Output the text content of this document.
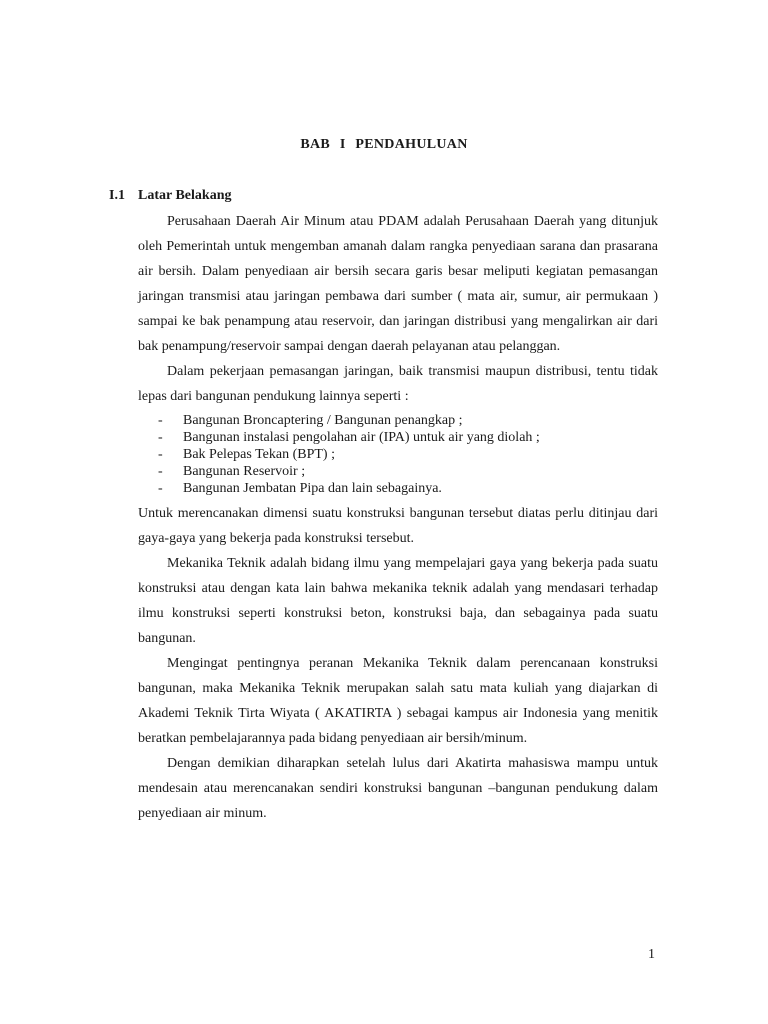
BAB I PENDAHULUAN
I.1 Latar Belakang

Perusahaan Daerah Air Minum atau PDAM adalah Perusahaan Daerah yang ditunjuk oleh Pemerintah untuk mengemban amanah dalam rangka penyediaan sarana dan prasarana air bersih. Dalam penyediaan air bersih secara garis besar meliputi kegiatan pemasangan jaringan transmisi atau jaringan pembawa dari sumber ( mata air, sumur, air permukaan ) sampai ke bak penampung atau reservoir, dan jaringan distribusi yang mengalirkan air dari bak penampung/reservoir sampai dengan daerah pelayanan atau pelanggan.

Dalam pekerjaan pemasangan jaringan, baik transmisi maupun distribusi, tentu tidak lepas dari bangunan pendukung lainnya seperti :

- Bangunan Broncaptering / Bangunan penangkap ;
- Bangunan instalasi pengolahan air (IPA) untuk air yang diolah ;
- Bak Pelepas Tekan (BPT) ;
- Bangunan Reservoir ;
- Bangunan Jembatan Pipa dan lain sebagainya.

Untuk merencanakan dimensi suatu konstruksi bangunan tersebut diatas perlu ditinjau dari gaya-gaya yang bekerja pada konstruksi tersebut.

Mekanika Teknik adalah bidang ilmu yang mempelajari gaya yang bekerja pada suatu konstruksi atau dengan kata lain bahwa mekanika teknik adalah yang mendasari terhadap ilmu konstruksi seperti konstruksi beton, konstruksi baja, dan sebagainya pada suatu bangunan.

Mengingat pentingnya peranan Mekanika Teknik dalam perencanaan konstruksi bangunan, maka Mekanika Teknik merupakan salah satu mata kuliah yang diajarkan di Akademi Teknik Tirta Wiyata ( AKATIRTA ) sebagai kampus air Indonesia yang menitik beratkan pembelajarannya pada bidang penyediaan air bersih/minum.

Dengan demikian diharapkan setelah lulus dari Akatirta mahasiswa mampu untuk mendesain atau merencanakan sendiri konstruksi bangunan –bangunan pendukung dalam penyediaan air minum.

1
